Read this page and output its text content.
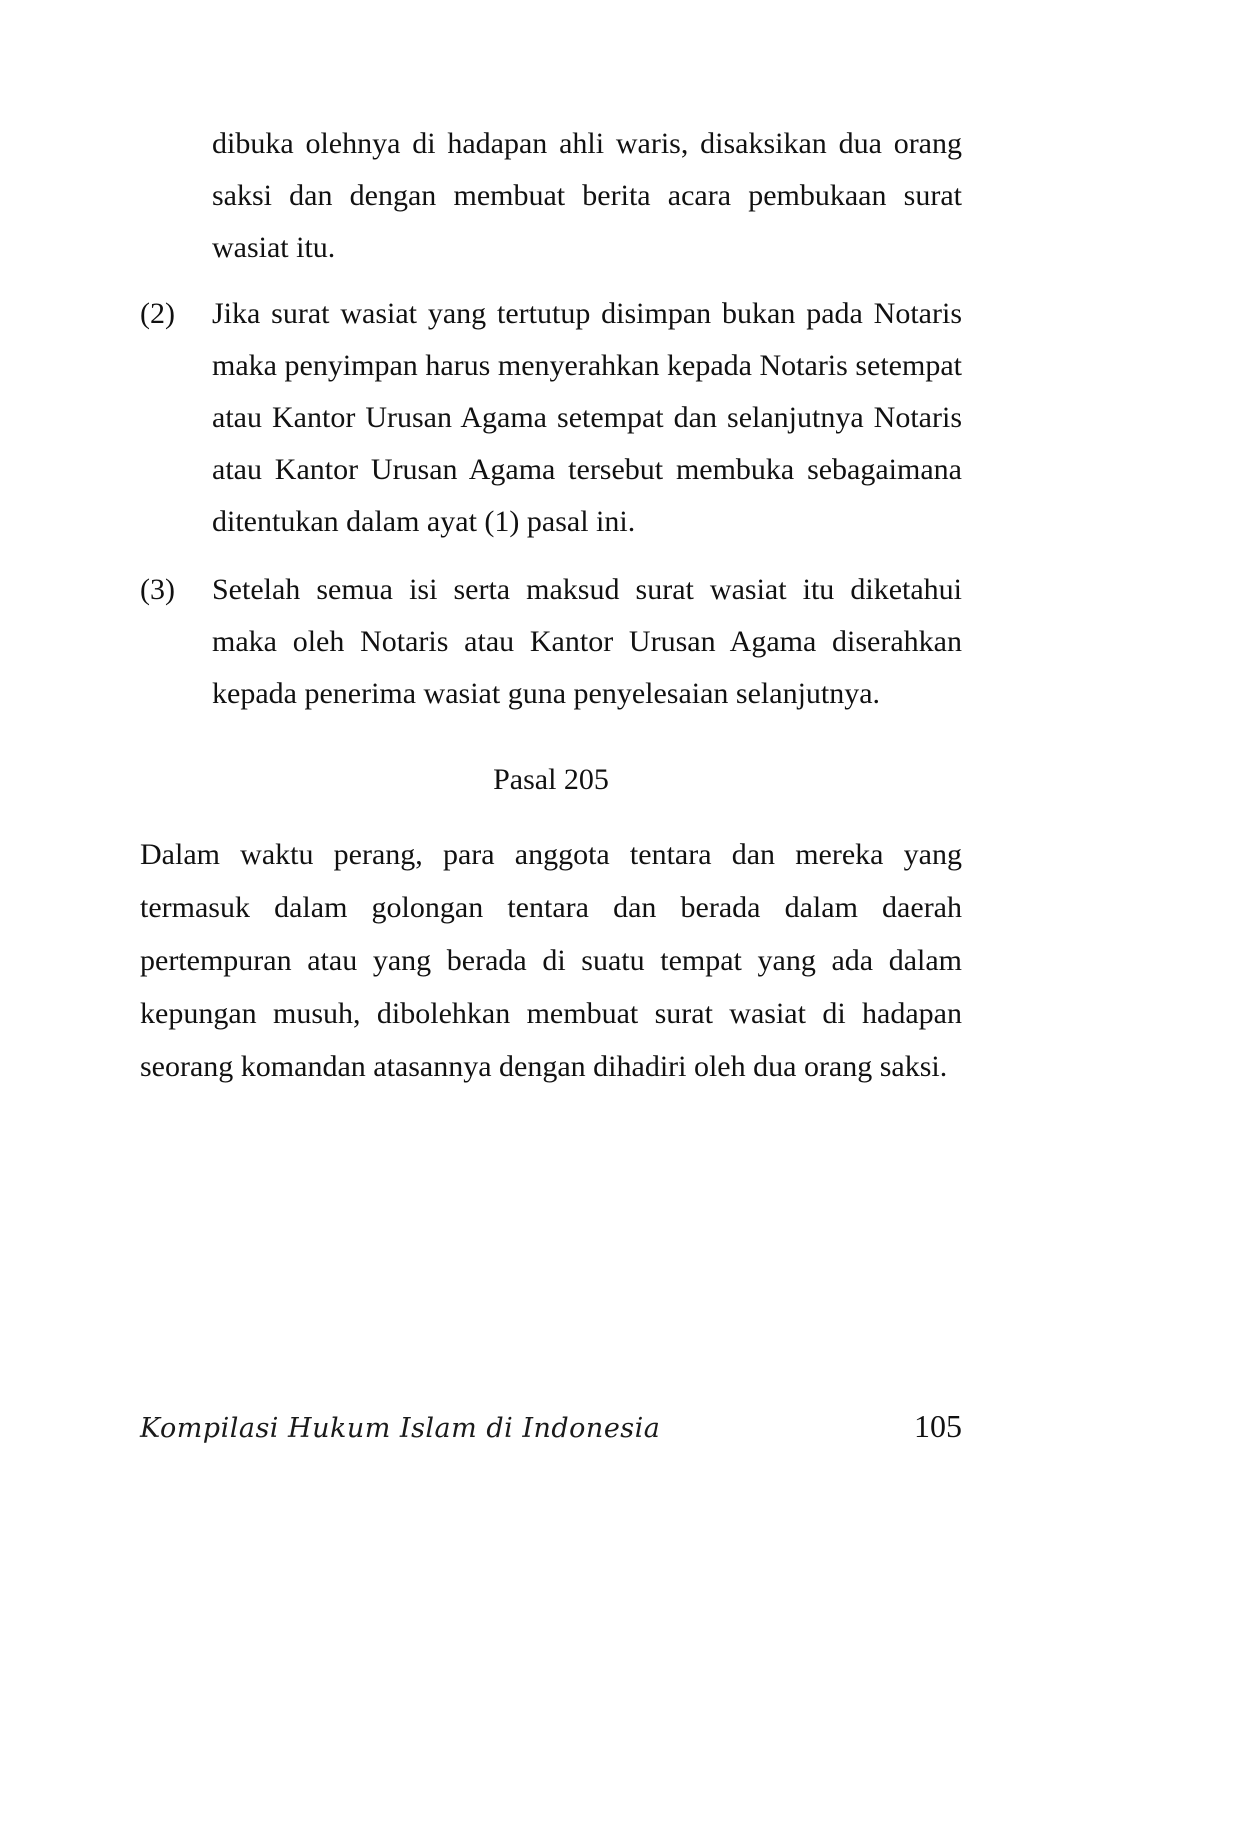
dibuka olehnya di hadapan ahli waris, disaksikan dua orang saksi dan dengan membuat berita acara pembukaan surat wasiat itu.

(2)	Jika surat wasiat yang tertutup disimpan bukan pada Notaris maka penyimpan harus menyerahkan kepada Notaris setempat atau Kantor Urusan Agama setempat dan selanjutnya Notaris atau Kantor Urusan Agama tersebut membuka sebagaimana ditentukan dalam ayat (1) pasal ini.

(3)	Setelah semua isi serta maksud surat wasiat itu diketahui maka oleh Notaris atau Kantor Urusan Agama diserahkan kepada penerima wasiat guna penyelesaian selanjutnya.

Pasal 205

Dalam waktu perang, para anggota tentara dan mereka yang termasuk dalam golongan tentara dan berada dalam daerah pertempuran atau yang berada di suatu tempat yang ada dalam kepungan musuh, dibolehkan membuat surat wasiat di hadapan seorang komandan atasannya dengan dihadiri oleh dua orang saksi.

Kompilasi Hukum Islam di Indonesia	105
